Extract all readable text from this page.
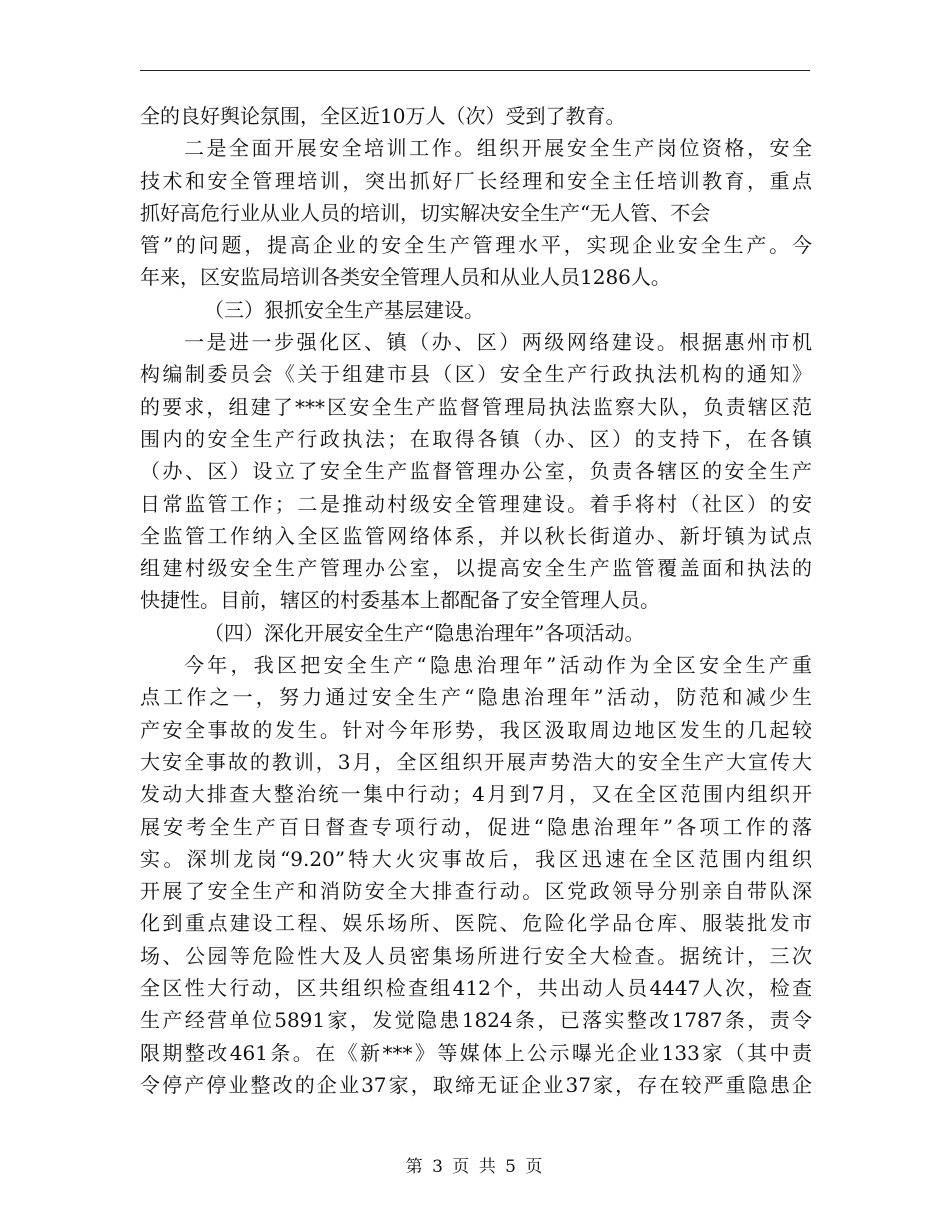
全的良好舆论氛围，全区近10万人（次）受到了教育。
二是全面开展安全培训工作。组织开展安全生产岗位资格，安全
技术和安全管理培训，突出抓好厂长经理和安全主任培训教育，重点
抓好高危行业从业人员的培训，切实解决安全生产“无人管、不会
管”的问题，提高企业的安全生产管理水平，实现企业安全生产。今
年来，区安监局培训各类安全管理人员和从业人员1286人。
（三）狠抓安全生产基层建设。
一是进一步强化区、镇（办、区）两级网络建设。根据惠州市机
构编制委员会《关于组建市县（区）安全生产行政执法机构的通知》
的要求，组建了***区安全生产监督管理局执法监察大队，负责辖区范
围内的安全生产行政执法；在取得各镇（办、区）的支持下，在各镇
（办、区）设立了安全生产监督管理办公室，负责各辖区的安全生产
日常监管工作；二是推动村级安全管理建设。着手将村（社区）的安
全监管工作纳入全区监管网络体系，并以秋长街道办、新圩镇为试点
组建村级安全生产管理办公室，以提高安全生产监管覆盖面和执法的
快捷性。目前，辖区的村委基本上都配备了安全管理人员。
（四）深化开展安全生产“隐患治理年”各项活动。
今年，我区把安全生产“隐患治理年”活动作为全区安全生产重
点工作之一，努力通过安全生产“隐患治理年”活动，防范和减少生
产安全事故的发生。针对今年形势，我区汲取周边地区发生的几起较
大安全事故的教训，3月，全区组织开展声势浩大的安全生产大宣传大
发动大排查大整治统一集中行动；4月到7月，又在全区范围内组织开
展安考全生产百日督查专项行动，促进“隐患治理年”各项工作的落
实。深圳龙岗“9.20”特大火灾事故后，我区迅速在全区范围内组织
开展了安全生产和消防安全大排查行动。区党政领导分别亲自带队深
化到重点建设工程、娱乐场所、医院、危险化学品仓库、服装批发市
场、公园等危险性大及人员密集场所进行安全大检查。据统计，三次
全区性大行动，区共组织检查组412个，共出动人员4447人次，检查
生产经营单位5891家，发觉隐患1824条，已落实整改1787条，责令
限期整改461条。在《新***》等媒体上公示曝光企业133家（其中责
令停产停业整改的企业37家，取缔无证企业37家，存在较严重隐患企
第 3 页 共 5 页
